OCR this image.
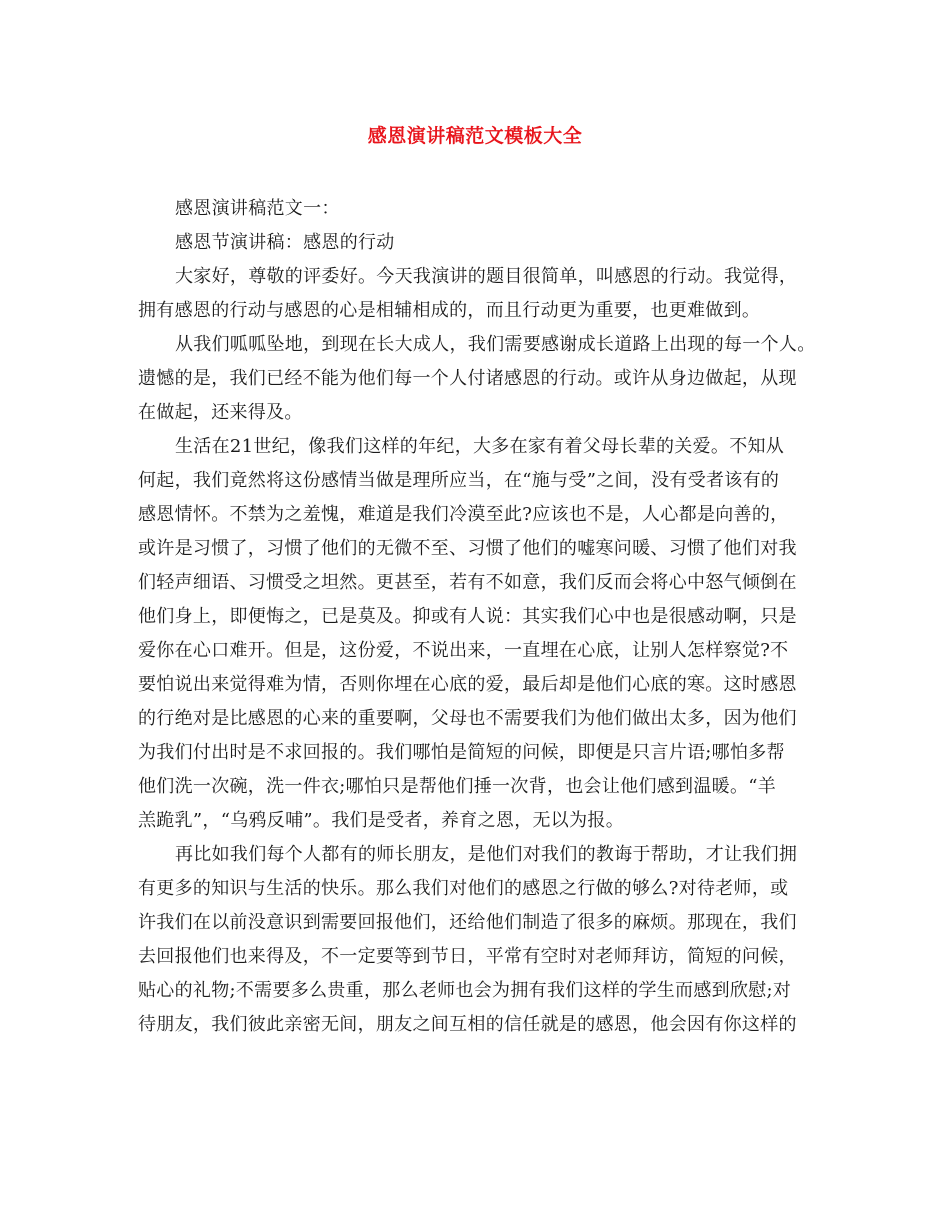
感恩演讲稿范文模板大全
感恩演讲稿范文一：
感恩节演讲稿：感恩的行动
大家好，尊敬的评委好。今天我演讲的题目很简单，叫感恩的行动。我觉得，
拥有感恩的行动与感恩的心是相辅相成的，而且行动更为重要，也更难做到。
从我们呱呱坠地，到现在长大成人，我们需要感谢成长道路上出现的每一个人。
遗憾的是，我们已经不能为他们每一个人付诸感恩的行动。或许从身边做起，从现
在做起，还来得及。
生活在21世纪，像我们这样的年纪，大多在家有着父母长辈的关爱。不知从
何起，我们竟然将这份感情当做是理所应当，在“施与受”之间，没有受者该有的
感恩情怀。不禁为之羞愧，难道是我们冷漠至此?应该也不是，人心都是向善的，
或许是习惯了，习惯了他们的无微不至、习惯了他们的嘘寒问暖、习惯了他们对我
们轻声细语、习惯受之坦然。更甚至，若有不如意，我们反而会将心中怒气倾倒在
他们身上，即便悔之，已是莫及。抑或有人说：其实我们心中也是很感动啊，只是
爱你在心口难开。但是，这份爱，不说出来，一直埋在心底，让别人怎样察觉?不
要怕说出来觉得难为情，否则你埋在心底的爱，最后却是他们心底的寒。这时感恩
的行绝对是比感恩的心来的重要啊，父母也不需要我们为他们做出太多，因为他们
为我们付出时是不求回报的。我们哪怕是简短的问候，即便是只言片语;哪怕多帮
他们洗一次碗，洗一件衣;哪怕只是帮他们捶一次背，也会让他们感到温暖。“羊
羔跪乳”，“乌鸦反哺”。我们是受者，养育之恩，无以为报。
再比如我们每个人都有的师长朋友，是他们对我们的教诲于帮助，才让我们拥
有更多的知识与生活的快乐。那么我们对他们的感恩之行做的够么?对待老师，或
许我们在以前没意识到需要回报他们，还给他们制造了很多的麻烦。那现在，我们
去回报他们也来得及，不一定要等到节日，平常有空时对老师拜访，简短的问候，
贴心的礼物;不需要多么贵重，那么老师也会为拥有我们这样的学生而感到欣慰;对
待朋友，我们彼此亲密无间，朋友之间互相的信任就是的感恩，他会因有你这样的
